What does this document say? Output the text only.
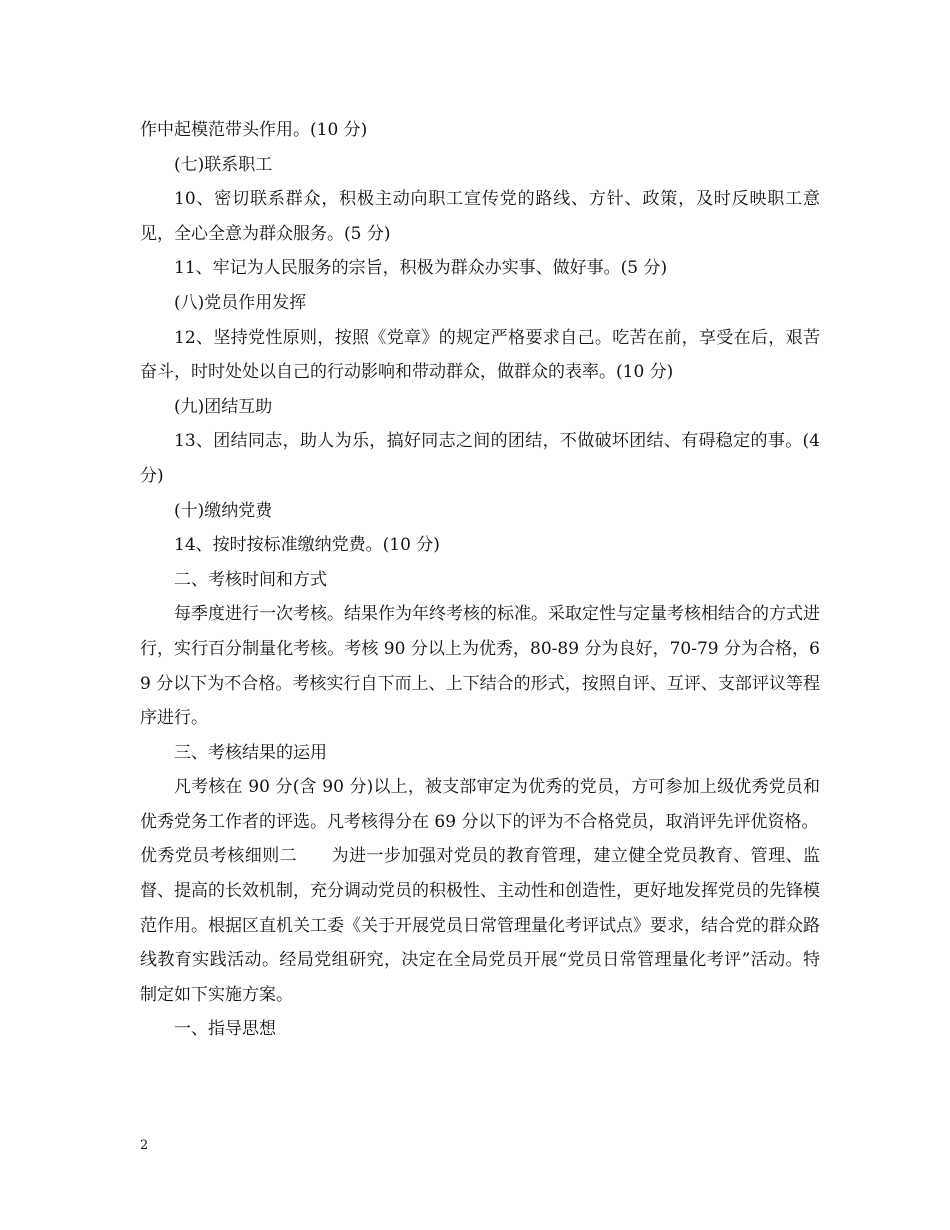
作中起模范带头作用。(10 分)

(七)联系职工

10、密切联系群众，积极主动向职工宣传党的路线、方针、政策，及时反映职工意见，全心全意为群众服务。(5 分)

11、牢记为人民服务的宗旨，积极为群众办实事、做好事。(5 分)

(八)党员作用发挥

12、坚持党性原则，按照《党章》的规定严格要求自己。吃苦在前，享受在后，艰苦奋斗，时时处处以自己的行动影响和带动群众，做群众的表率。(10 分)

(九)团结互助

13、团结同志，助人为乐，搞好同志之间的团结，不做破坏团结、有碍稳定的事。(4 分)

(十)缴纳党费

14、按时按标准缴纳党费。(10 分)

二、考核时间和方式

每季度进行一次考核。结果作为年终考核的标准。采取定性与定量考核相结合的方式进行，实行百分制量化考核。考核 90 分以上为优秀，80-89 分为良好，70-79 分为合格，69 分以下为不合格。考核实行自下而上、上下结合的形式，按照自评、互评、支部评议等程序进行。

三、考核结果的运用

凡考核在 90 分(含 90 分)以上，被支部审定为优秀的党员，方可参加上级优秀党员和优秀党务工作者的评选。凡考核得分在 69 分以下的评为不合格党员，取消评先评优资格。

优秀党员考核细则二 为进一步加强对党员的教育管理，建立健全党员教育、管理、监督、提高的长效机制，充分调动党员的积极性、主动性和创造性，更好地发挥党员的先锋模范作用。根据区直机关工委《关于开展党员日常管理量化考评试点》要求，结合党的群众路线教育实践活动。经局党组研究，决定在全局党员开展“党员日常管理量化考评”活动。特制定如下实施方案。

一、指导思想

2
